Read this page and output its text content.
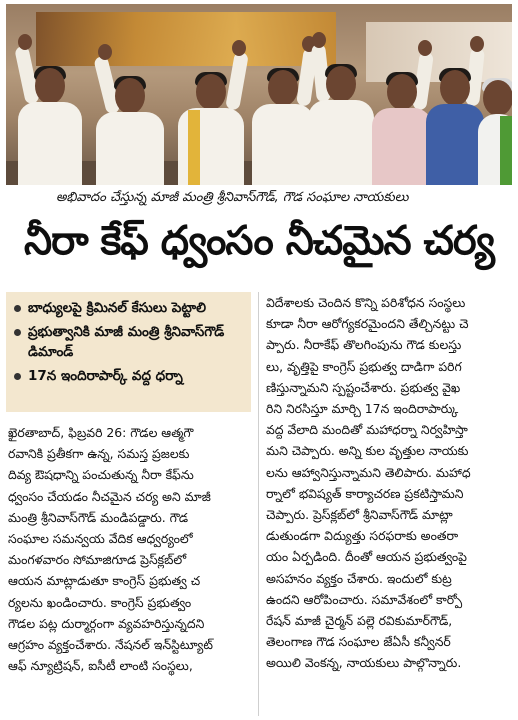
అభివాదం చేస్తున్న మాజీ మంత్రి శ్రీనివాస్‌గౌడ్, గౌడ సంఘాల నాయకులు
నీరా కేఫ్ ధ్వంసం నీచమైన చర్య
బాధ్యులపై క్రిమినల్ కేసులు పెట్టాలి
ప్రభుత్వానికి మాజీ మంత్రి శ్రీనివాస్‌గౌడ్ డిమాండ్
17న ఇందిరాపార్క్ వద్ద ధర్నా
ఖైరతాబాద్, ఫిబ్రవరి 26: గౌడల ఆత్మగౌ
రవానికి ప్రతీకగా ఉన్న, సమస్త ప్రజలకు
దివ్య ఔషధాన్ని పంచుతున్న నీరా కేఫ్‌ను
ధ్వంసం చేయడం నీచమైన చర్య అని మాజీ
మంత్రి శ్రీనివాస్‌గౌడ్ మండిపడ్డారు. గౌడ
సంఘాల సమన్వయ వేదిక ఆధ్వర్యంలో
మంగళవారం సోమాజిగూడ ప్రెస్‌క్లబ్‌లో
ఆయన మాట్లాడుతూ కాంగ్రెస్ ప్రభుత్వ చ
ర్యలను ఖండించారు. కాంగ్రెస్ ప్రభుత్వం
గౌడల పట్ల దుర్మార్గంగా వ్యవహరిస్తున్నదని
ఆగ్రహం వ్యక్తంచేశారు. నేషనల్ ఇన్‌స్టిట్యూట్
ఆఫ్ న్యూట్రిషన్, ఐసీటీ లాంటి సంస్థలు,
విదేశాలకు చెందిన కొన్ని పరిశోధన సంస్థలు
కూడా నీరా ఆరోగ్యకరమైందని తేల్చినట్టు చె
ప్పారు. నీరాకేఫ్ తొలగింపును గౌడ కులస్తు
లు, వృత్తిపై కాంగ్రెస్ ప్రభుత్వ దాడిగా పరిగ
ణిస్తున్నామని స్పష్టంచేశారు. ప్రభుత్వ వైఖ
రిని నిరసిస్తూ మార్చి 17న ఇందిరాపార్కు
వద్ద వేలాది మందితో మహాధర్నా నిర్వహిస్తా
మని చెప్పారు. అన్ని కుల వృత్తుల నాయకు
లను ఆహ్వానిస్తున్నామని తెలిపారు. మహాధ
ర్నాలో భవిష్యత్ కార్యాచరణ ప్రకటిస్తామని
చెప్పారు. ప్రెస్‌క్లబ్‌లో శ్రీనివాస్‌గౌడ్ మాట్లా
డుతుండగా విద్యుత్తు సరఫరాకు అంతరా
యం ఏర్పడింది. దీంతో ఆయన ప్రభుత్వంపై
అసహనం వ్యక్తం చేశారు. ఇందులో కుట్ర
ఉందని ఆరోపించారు. సమావేశంలో కార్పో
రేషన్ మాజీ చైర్మన్ పల్లె రవికుమార్‌గౌడ్,
తెలంగాణ గౌడ సంఘాల జేఏసీ కన్వీనర్
అయిలి వెంకన్న, నాయకులు పాల్గొన్నారు.
